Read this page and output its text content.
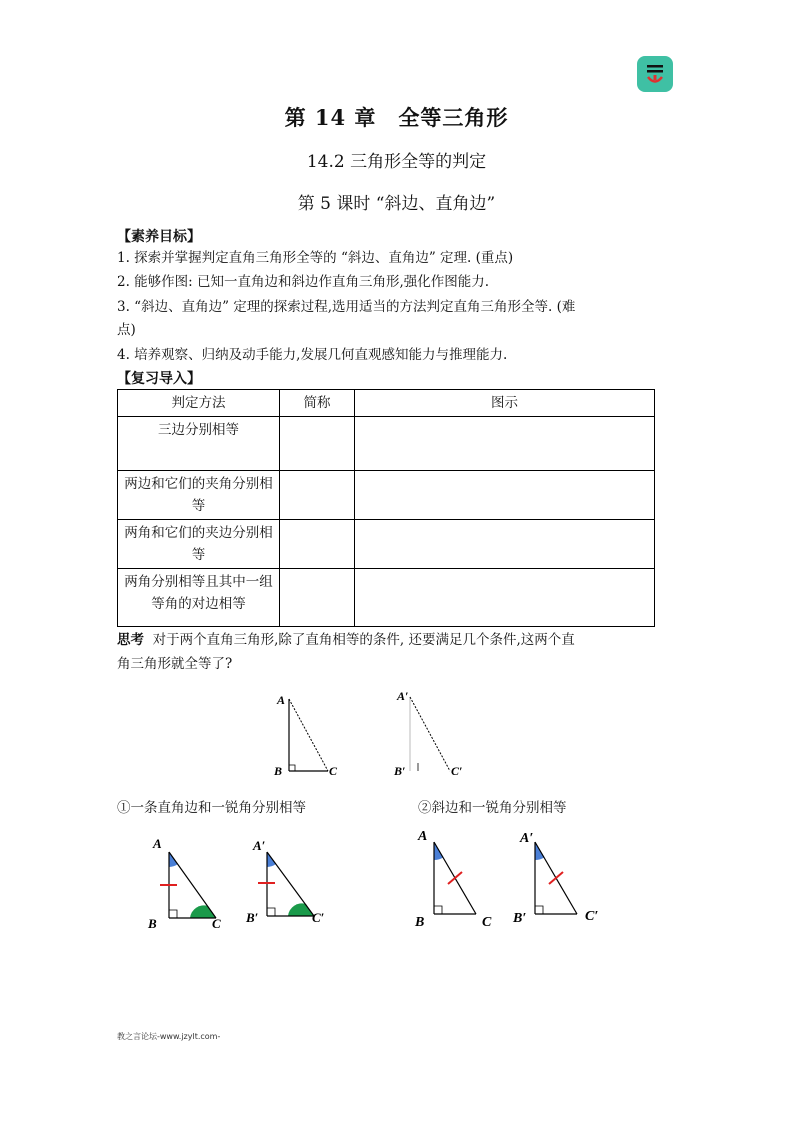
第 14 章　全等三角形
14.2 三角形全等的判定
第 5 课时 “斜边、直角边”
【素养目标】
1. 探索并掌握判定直角三角形全等的 “斜边、直角边” 定理. (重点)
2. 能够作图: 已知一直角边和斜边作直角三角形,强化作图能力.
3. “斜边、直角边” 定理的探索过程,选用适当的方法判定直角三角形全等. (难
点)
4. 培养观察、归纳及动手能力,发展几何直观感知能力与推理能力.
【复习导入】
判定方法	简称	图示
三边分别相等		
两边和它们的夹角分别相等		
两角和它们的夹边分别相等		
两角分别相等且其中一组等角的对边相等		
思考 对于两个直角三角形,除了直角相等的条件, 还要满足几个条件,这两个直
角三角形就全等了?
A
B	C
A′
B′	C′
①一条直角边和一锐角分别相等	②斜边和一锐角分别相等
A
B	C
A′
B′	C′
A
B	C
A′
B′	C′
教之言论坛-www.jzylt.com-
